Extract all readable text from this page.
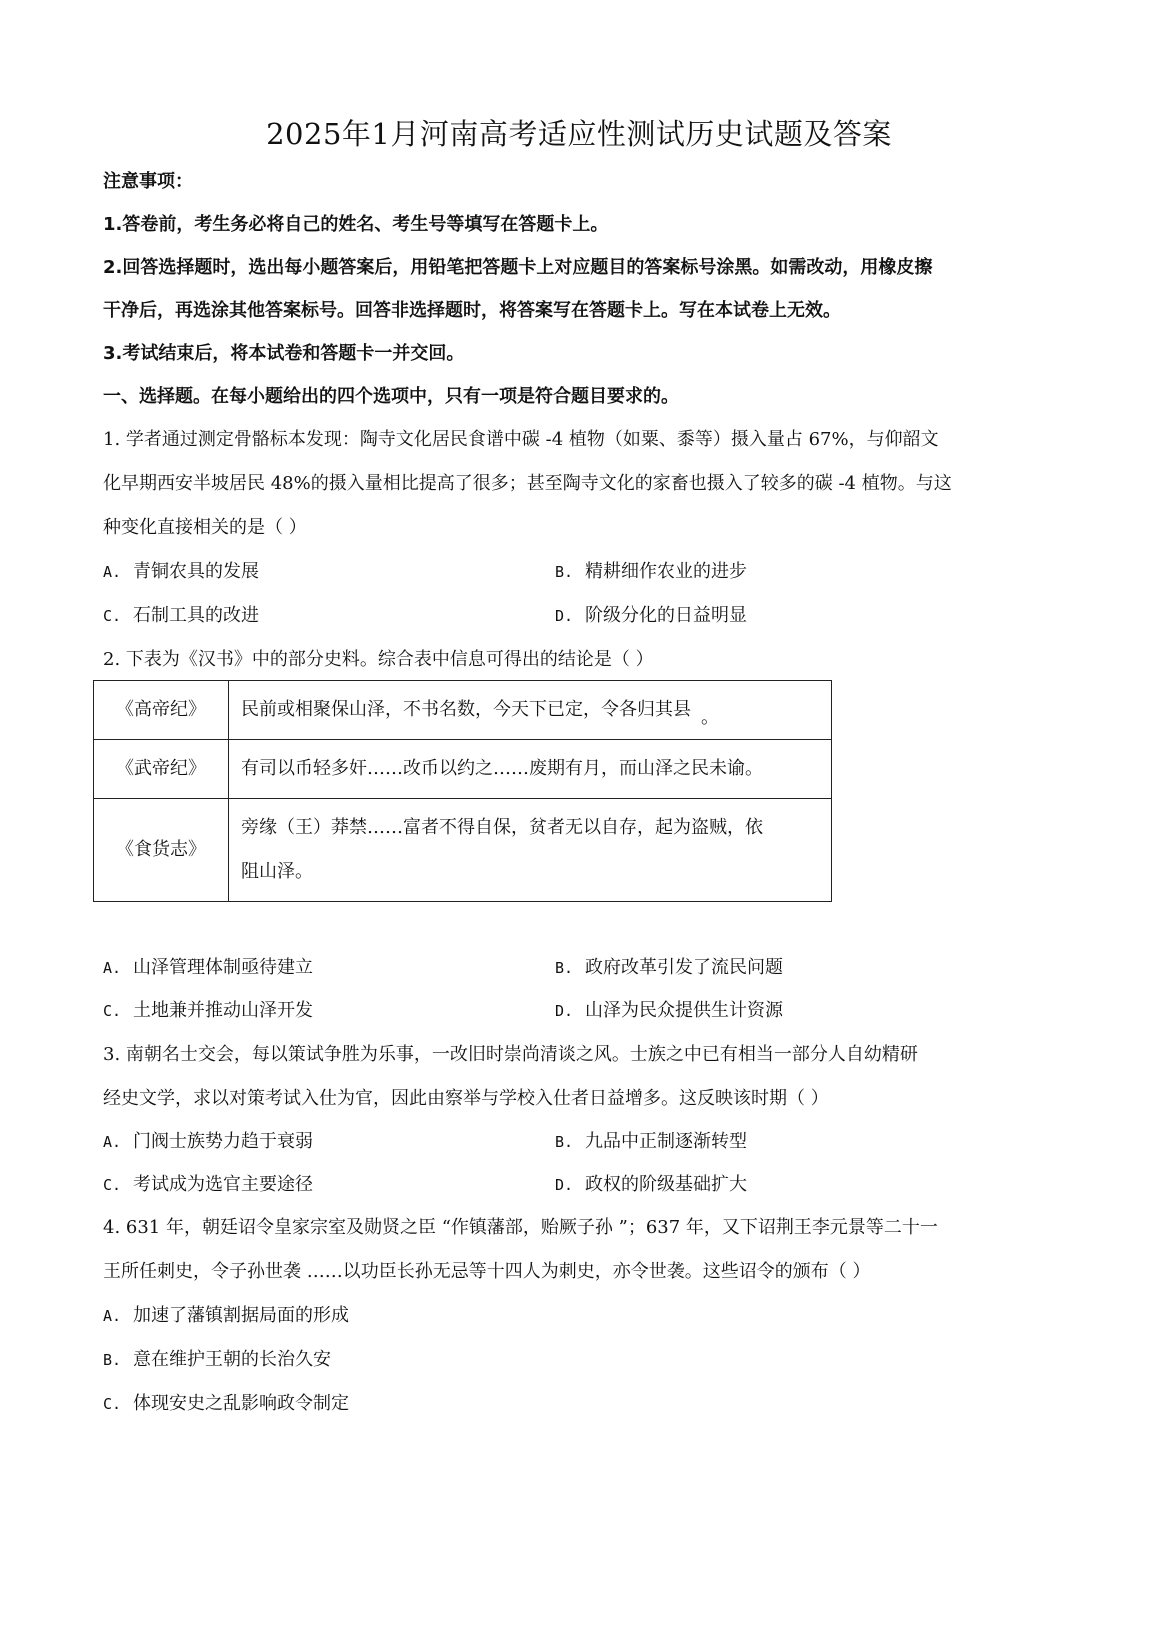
2025年1月河南高考适应性测试历史试题及答案
注意事项：
1.答卷前，考生务必将自己的姓名、考生号等填写在答题卡上。
2.回答选择题时，选出每小题答案后，用铅笔把答题卡上对应题目的答案标号涂黑。如需改动，用橡皮擦
干净后，再选涂其他答案标号。回答非选择题时，将答案写在答题卡上。写在本试卷上无效。
3.考试结束后，将本试卷和答题卡一并交回。
一、选择题。在每小题给出的四个选项中，只有一项是符合题目要求的。
1. 学者通过测定骨骼标本发现：陶寺文化居民食谱中碳 -4 植物（如粟、黍等）摄入量占 67%，与仰韶文
化早期西安半坡居民 48%的摄入量相比提高了很多；甚至陶寺文化的家畜也摄入了较多的碳 -4 植物。与这
种变化直接相关的是（ ）
A. 青铜农具的发展	B. 精耕细作农业的进步
C. 石制工具的改进	D. 阶级分化的日益明显
2. 下表为《汉书》中的部分史料。综合表中信息可得出的结论是（ ）
《高帝纪》	民前或相聚保山泽，不书名数，今天下已定，令各归其县 。
《武帝纪》	有司以币轻多奸……改币以约之……废期有月，而山泽之民未谕。
《食货志》	旁缘（王）莽禁……富者不得自保，贫者无以自存，起为盗贼，依
阻山泽。
A. 山泽管理体制亟待建立	B. 政府改革引发了流民问题
C. 土地兼并推动山泽开发	D. 山泽为民众提供生计资源
3. 南朝名士交会，每以策试争胜为乐事，一改旧时崇尚清谈之风。士族之中已有相当一部分人自幼精研
经史文学，求以对策考试入仕为官，因此由察举与学校入仕者日益增多。这反映该时期（ ）
A. 门阀士族势力趋于衰弱	B. 九品中正制逐渐转型
C. 考试成为选官主要途径	D. 政权的阶级基础扩大
4. 631 年，朝廷诏令皇家宗室及勋贤之臣 “作镇藩部，贻厥子孙 ”；637 年，又下诏荆王李元景等二十一
王所任刺史，令子孙世袭 ……以功臣长孙无忌等十四人为刺史，亦令世袭。这些诏令的颁布（ ）
A. 加速了藩镇割据局面的形成
B. 意在维护王朝的长治久安
C. 体现安史之乱影响政令制定
